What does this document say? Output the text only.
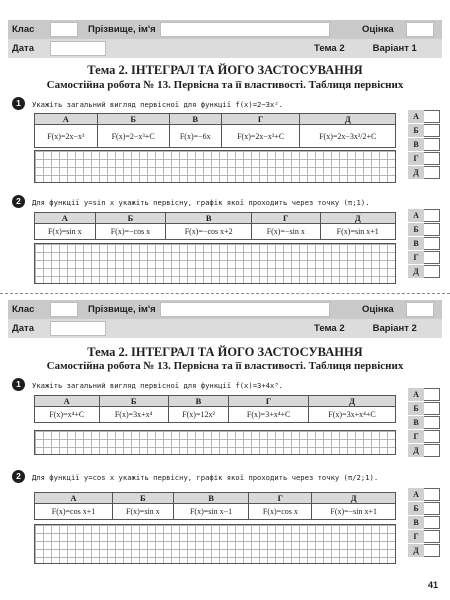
Клас	Прізвище, ім'я	Оцінка
Дата	Тема 2	Варіант 1
Тема 2. ІНТЕГРАЛ ТА ЙОГО ЗАСТОСУВАННЯ
Самостійна робота № 13. Первісна та її властивості. Таблиця первісних
1	Укажіть загальний вигляд первісної для функції f(x)=2−3x².
А	Б	В	Г	Д
F(x)=2x−x³	F(x)=2−x³+C	F(x)=−6x	F(x)=2x−x³+C	F(x)=2x−3x³/2+C
А
Б
В
Г
Д
2	Для функції y=sin x укажіть первісну, графік якої проходить через точку (π;1).
А	Б	В	Г	Д
F(x)=sin x	F(x)=−cos x	F(x)=−cos x+2	F(x)=−sin x	F(x)=sin x+1
А
Б
В
Г
Д
Клас	Прізвище, ім'я	Оцінка
Дата	Тема 2	Варіант 2
Тема 2. ІНТЕГРАЛ ТА ЙОГО ЗАСТОСУВАННЯ
Самостійна робота № 13. Первісна та її властивості. Таблиця первісних
1	Укажіть загальний вигляд первісної для функції f(x)=3+4x³.
А	Б	В	Г	Д
F(x)=x⁴+C	F(x)=3x+x⁴	F(x)=12x²	F(x)=3+x⁴+C	F(x)=3x+x⁴+C
А
Б
В
Г
Д
2	Для функції y=cos x укажіть первісну, графік якої проходить через точку (π/2;1).
А	Б	В	Г	Д
F(x)=cos x+1	F(x)=sin x	F(x)=sin x−1	F(x)=cos x	F(x)=−sin x+1
А
Б
В
Г
Д
41
